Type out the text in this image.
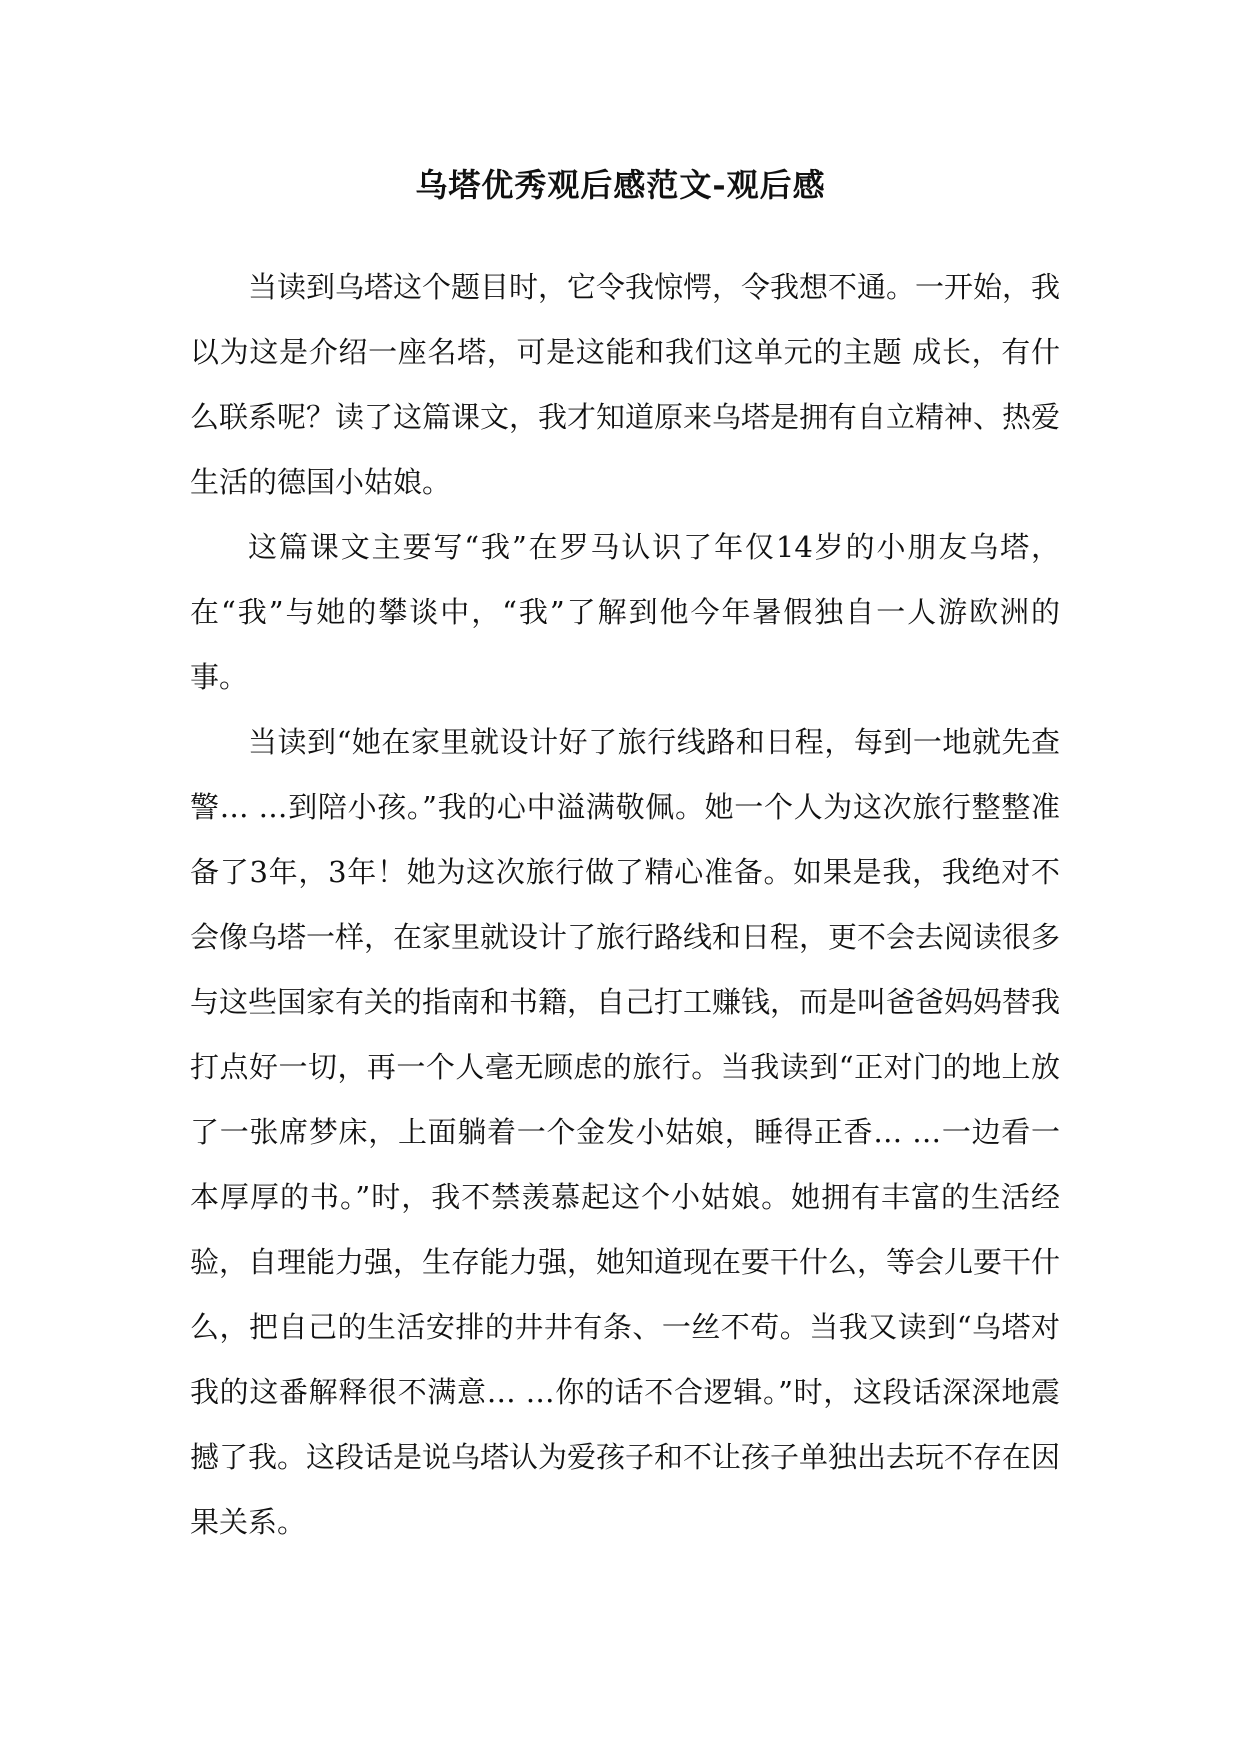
乌塔优秀观后感范文-观后感

当读到乌塔这个题目时，它令我惊愕，令我想不通。一开始，我以为这是介绍一座名塔，可是这能和我们这单元的主题 成长，有什么联系呢？读了这篇课文，我才知道原来乌塔是拥有自立精神、热爱生活的德国小姑娘。

这篇课文主要写“我”在罗马认识了年仅14岁的小朋友乌塔，在“我”与她的攀谈中，“我”了解到他今年暑假独自一人游欧洲的事。

当读到“她在家里就设计好了旅行线路和日程，每到一地就先查警… …到陪小孩。”我的心中溢满敬佩。她一个人为这次旅行整整准备了3年，3年！她为这次旅行做了精心准备。如果是我，我绝对不会像乌塔一样，在家里就设计了旅行路线和日程，更不会去阅读很多与这些国家有关的指南和书籍，自己打工赚钱，而是叫爸爸妈妈替我打点好一切，再一个人毫无顾虑的旅行。当我读到“正对门的地上放了一张席梦床，上面躺着一个金发小姑娘，睡得正香… …一边看一本厚厚的书。”时，我不禁羡慕起这个小姑娘。她拥有丰富的生活经验，自理能力强，生存能力强，她知道现在要干什么，等会儿要干什么，把自己的生活安排的井井有条、一丝不苟。当我又读到“乌塔对我的这番解释很不满意… …你的话不合逻辑。”时，这段话深深地震撼了我。这段话是说乌塔认为爱孩子和不让孩子单独出去玩不存在因果关系。
